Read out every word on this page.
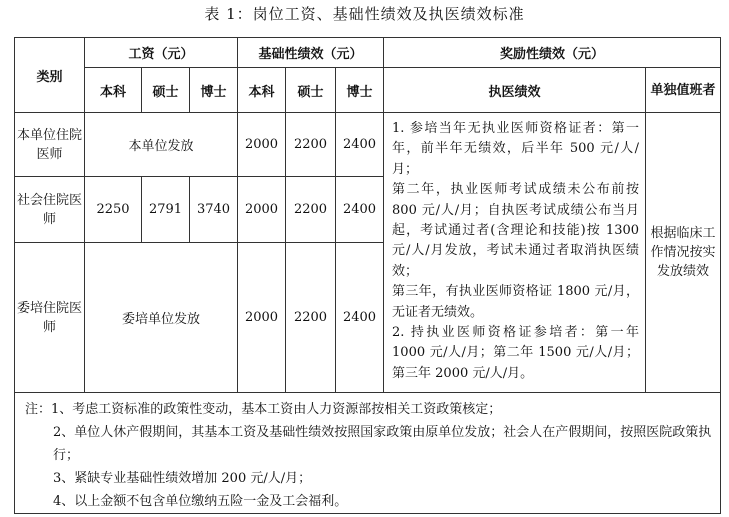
表 1：岗位工资、基础性绩效及执医绩效标准
类别	工资（元）			基础性绩效（元）			奖励性绩效（元）	
	本科	硕士	博士	本科	硕士	博士	执医绩效	单独值班者
本单位住院医师	本单位发放			2000	2200	2400	1. 参培当年无执业医师资格证者：第一年，前半年无绩效，后半年 500 元/人/月；
第二年，执业医师考试成绩未公布前按 800 元/人/月；自执医考试成绩公布当月起，考试通过者(含理论和技能)按 1300 元/人/月发放，考试未通过者取消执医绩效；
第三年，有执业医师资格证 1800 元/月，无证者无绩效。
2. 持执业医师资格证参培者：第一年 1000 元/人/月；第二年 1500 元/人/月；第三年 2000 元/人/月。	根据临床工作情况按实发放绩效
社会住院医师	2250	2791	3740	2000	2200	2400		
委培住院医师	委培单位发放			2000	2200	2400		

注：1、考虑工资标准的政策性变动，基本工资由人力资源部按相关工资政策核定；
2、单位人休产假期间，其基本工资及基础性绩效按照国家政策由原单位发放；社会人在产假期间，按照医院政策执行；
3、紧缺专业基础性绩效增加 200 元/人/月；
4、以上金额不包含单位缴纳五险一金及工会福利。								
